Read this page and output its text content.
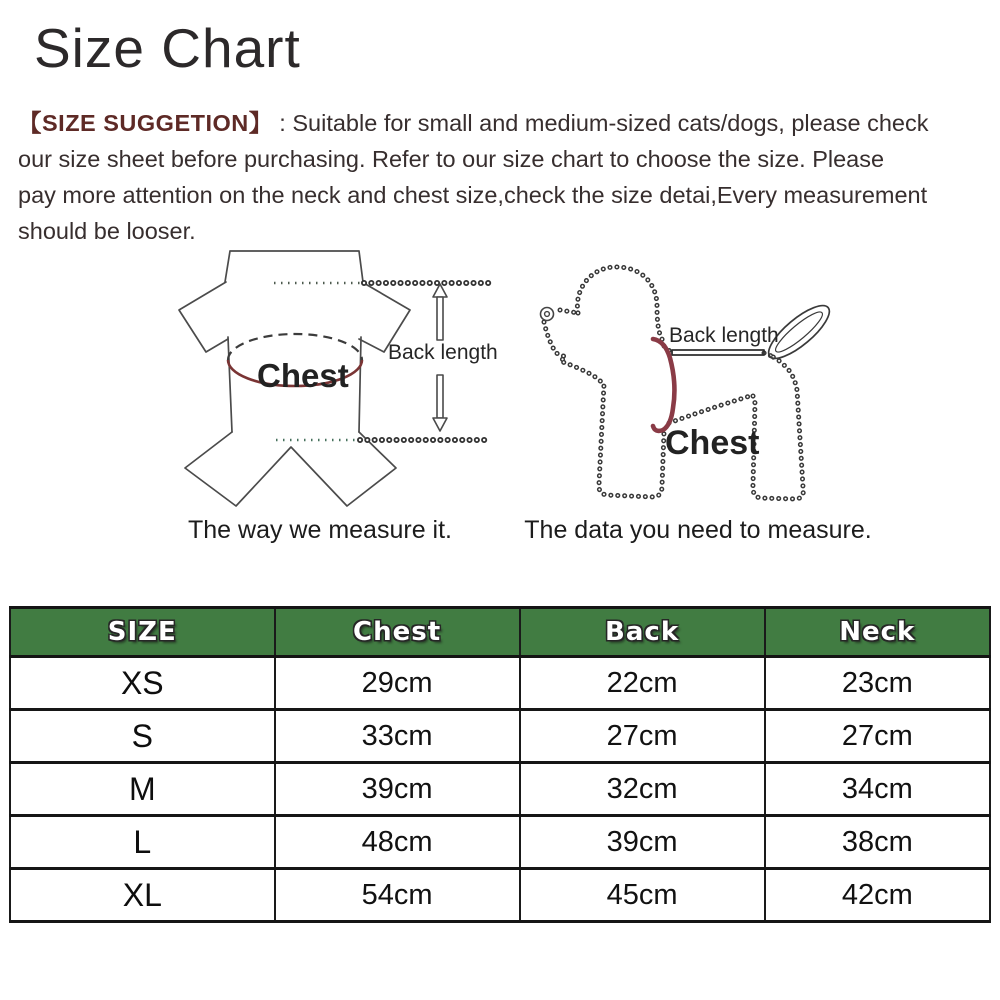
Size Chart
【SIZE SUGGETION】 : Suitable for small and medium-sized cats/dogs, please check
our size sheet before purchasing. Refer to our size chart to choose the size. Please
pay more attention on the neck and chest size,check the size detai,Every measurement
should be looser.
Back length
Chest
Back length
Chest
The way we measure it.	The data you need to measure.
SIZE	Chest	Back	Neck
XS	29cm	22cm	23cm
S	33cm	27cm	27cm
M	39cm	32cm	34cm
L	48cm	39cm	38cm
XL	54cm	45cm	42cm
